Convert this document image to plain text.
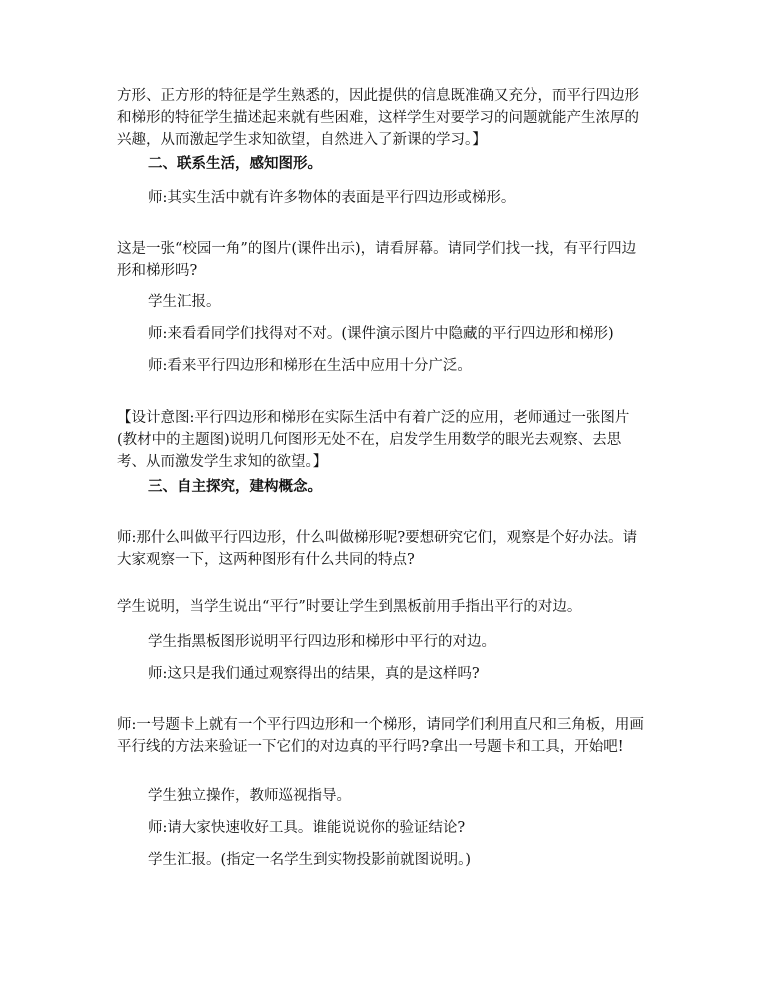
方形、正方形的特征是学生熟悉的，因此提供的信息既准确又充分，而平行四边形和梯形的特征学生描述起来就有些困难，这样学生对要学习的问题就能产生浓厚的兴趣，从而激起学生求知欲望，自然进入了新课的学习。】

二、联系生活，感知图形。

师:其实生活中就有许多物体的表面是平行四边形或梯形。

这是一张“校园一角”的图片(课件出示)，请看屏幕。请同学们找一找，有平行四边形和梯形吗?

学生汇报。

师:来看看同学们找得对不对。(课件演示图片中隐藏的平行四边形和梯形)

师:看来平行四边形和梯形在生活中应用十分广泛。

【设计意图:平行四边形和梯形在实际生活中有着广泛的应用，老师通过一张图片(教材中的主题图)说明几何图形无处不在，启发学生用数学的眼光去观察、去思考、从而激发学生求知的欲望。】

三、自主探究，建构概念。

师:那什么叫做平行四边形，什么叫做梯形呢?要想研究它们，观察是个好办法。请大家观察一下，这两种图形有什么共同的特点?

学生说明，当学生说出“平行”时要让学生到黑板前用手指出平行的对边。

学生指黑板图形说明平行四边形和梯形中平行的对边。

师:这只是我们通过观察得出的结果，真的是这样吗?

师:一号题卡上就有一个平行四边形和一个梯形，请同学们利用直尺和三角板，用画平行线的方法来验证一下它们的对边真的平行吗?拿出一号题卡和工具，开始吧!

学生独立操作，教师巡视指导。

师:请大家快速收好工具。谁能说说你的验证结论?

学生汇报。(指定一名学生到实物投影前就图说明。)
